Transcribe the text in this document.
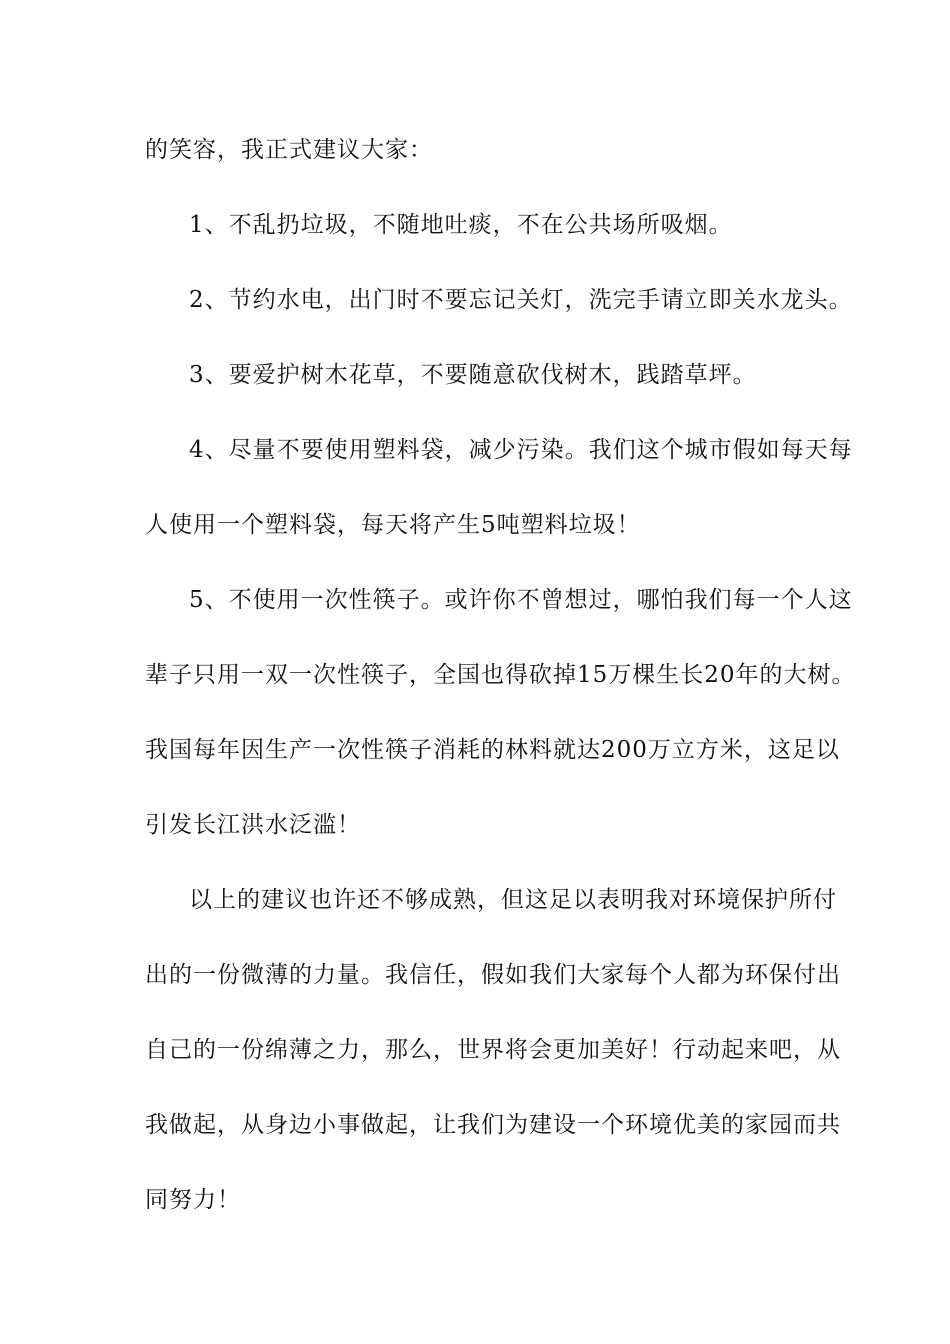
的笑容，我正式建议大家：
1、不乱扔垃圾，不随地吐痰，不在公共场所吸烟。
2、节约水电，出门时不要忘记关灯，洗完手请立即关水龙头。
3、要爱护树木花草，不要随意砍伐树木，践踏草坪。
4、尽量不要使用塑料袋，减少污染。我们这个城市假如每天每
人使用一个塑料袋，每天将产生5吨塑料垃圾！
5、不使用一次性筷子。或许你不曾想过，哪怕我们每一个人这
辈子只用一双一次性筷子，全国也得砍掉15万棵生长20年的大树。
我国每年因生产一次性筷子消耗的林料就达200万立方米，这足以
引发长江洪水泛滥！
以上的建议也许还不够成熟，但这足以表明我对环境保护所付
出的一份微薄的力量。我信任，假如我们大家每个人都为环保付出
自己的一份绵薄之力，那么，世界将会更加美好！行动起来吧，从
我做起，从身边小事做起，让我们为建设一个环境优美的家园而共
同努力！
